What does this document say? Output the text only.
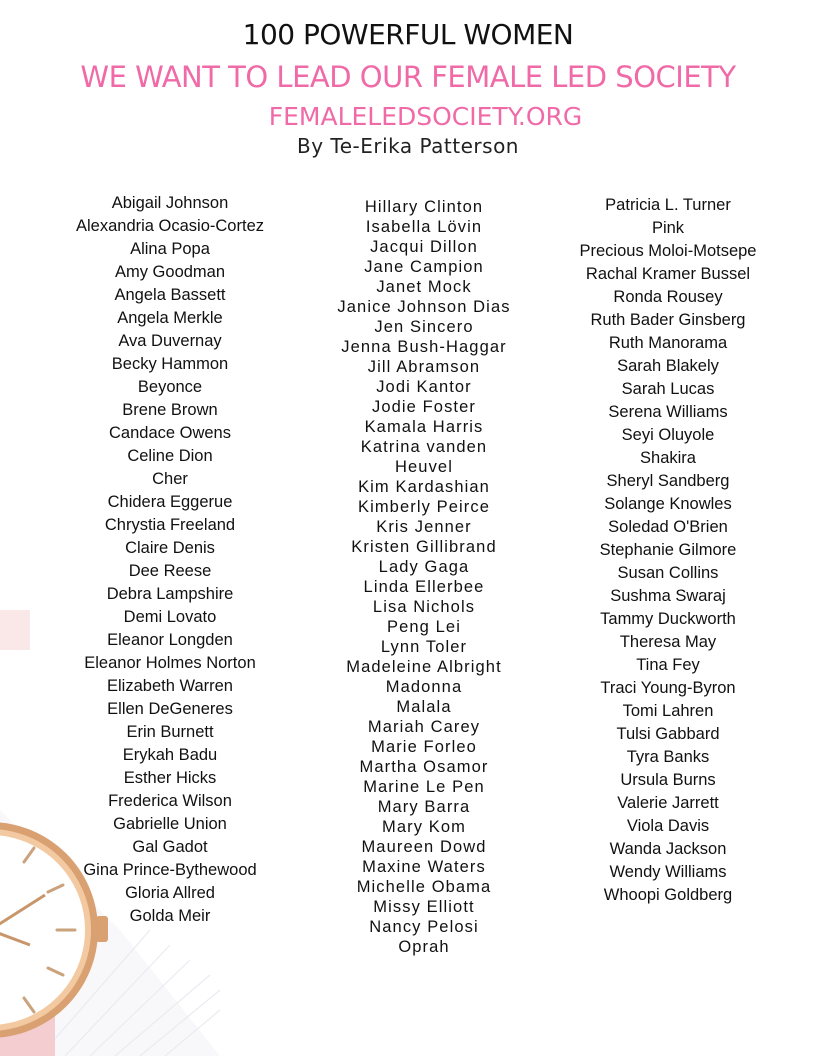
100 POWERFUL WOMEN
WE WANT TO LEAD OUR FEMALE LED SOCIETY
FEMALELEDSOCIETY.ORG
By Te-Erika Patterson
Abigail Johnson
Alexandria Ocasio-Cortez
Alina Popa
Amy Goodman
Angela Bassett
Angela Merkle
Ava Duvernay
Becky Hammon
Beyonce
Brene Brown
Candace Owens
Celine Dion
Cher
Chidera Eggerue
Chrystia Freeland
Claire Denis
Dee Reese
Debra Lampshire
Demi Lovato
Eleanor Longden
Eleanor Holmes Norton
Elizabeth Warren
Ellen DeGeneres
Erin Burnett
Erykah Badu
Esther Hicks
Frederica Wilson
Gabrielle Union
Gal Gadot
Gina Prince-Bythewood
Gloria Allred
Golda Meir
Hillary Clinton
Isabella Lövin
Jacqui Dillon
Jane Campion
Janet Mock
Janice Johnson Dias
Jen Sincero
Jenna Bush-Haggar
Jill Abramson
Jodi Kantor
Jodie Foster
Kamala Harris
Katrina vanden
Heuvel
Kim Kardashian
Kimberly Peirce
Kris Jenner
Kristen Gillibrand
Lady Gaga
Linda Ellerbee
Lisa Nichols
Peng Lei
Lynn Toler
Madeleine Albright
Madonna
Malala
Mariah Carey
Marie Forleo
Martha Osamor
Marine Le Pen
Mary Barra
Mary Kom
Maureen Dowd
Maxine Waters
Michelle Obama
Missy Elliott
Nancy Pelosi
Oprah
Patricia L. Turner
Pink
Precious Moloi-Motsepe
Rachal Kramer Bussel
Ronda Rousey
Ruth Bader Ginsberg
Ruth Manorama
Sarah Blakely
Sarah Lucas
Serena Williams
Seyi Oluyole
Shakira
Sheryl Sandberg
Solange Knowles
Soledad O'Brien
Stephanie Gilmore
Susan Collins
Sushma Swaraj
Tammy Duckworth
Theresa May
Tina Fey
Traci Young-Byron
Tomi Lahren
Tulsi Gabbard
Tyra Banks
Ursula Burns
Valerie Jarrett
Viola Davis
Wanda Jackson
Wendy Williams
Whoopi Goldberg
